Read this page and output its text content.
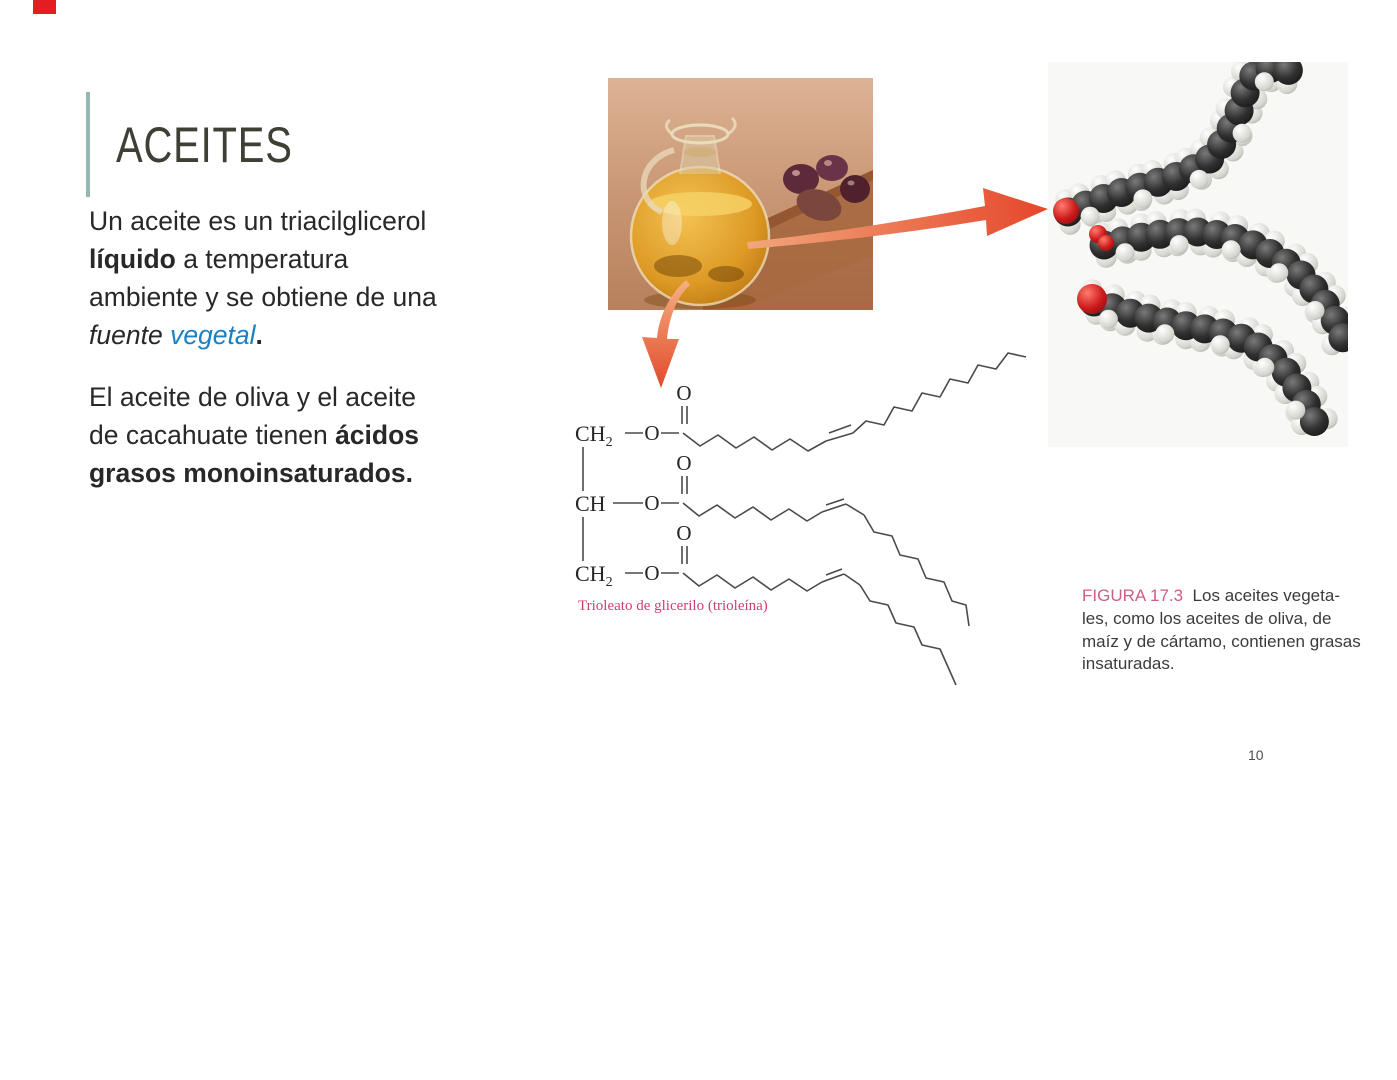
ACEITES
Un aceite es un triacilglicerol
líquido a temperatura
ambiente y se obtiene de una
fuente vegetal.
El aceite de oliva y el aceite
de cacahuate tienen ácidos
grasos monoinsaturados.
$CH_2$ O
O
CH O
O
$CH_2$ O
O
Trioleato de glicerilo (trioleína)
FIGURA 17.3  Los aceites vegeta-
les, como los aceites de oliva, de
maíz y de cártamo, contienen grasas
insaturadas.
10
